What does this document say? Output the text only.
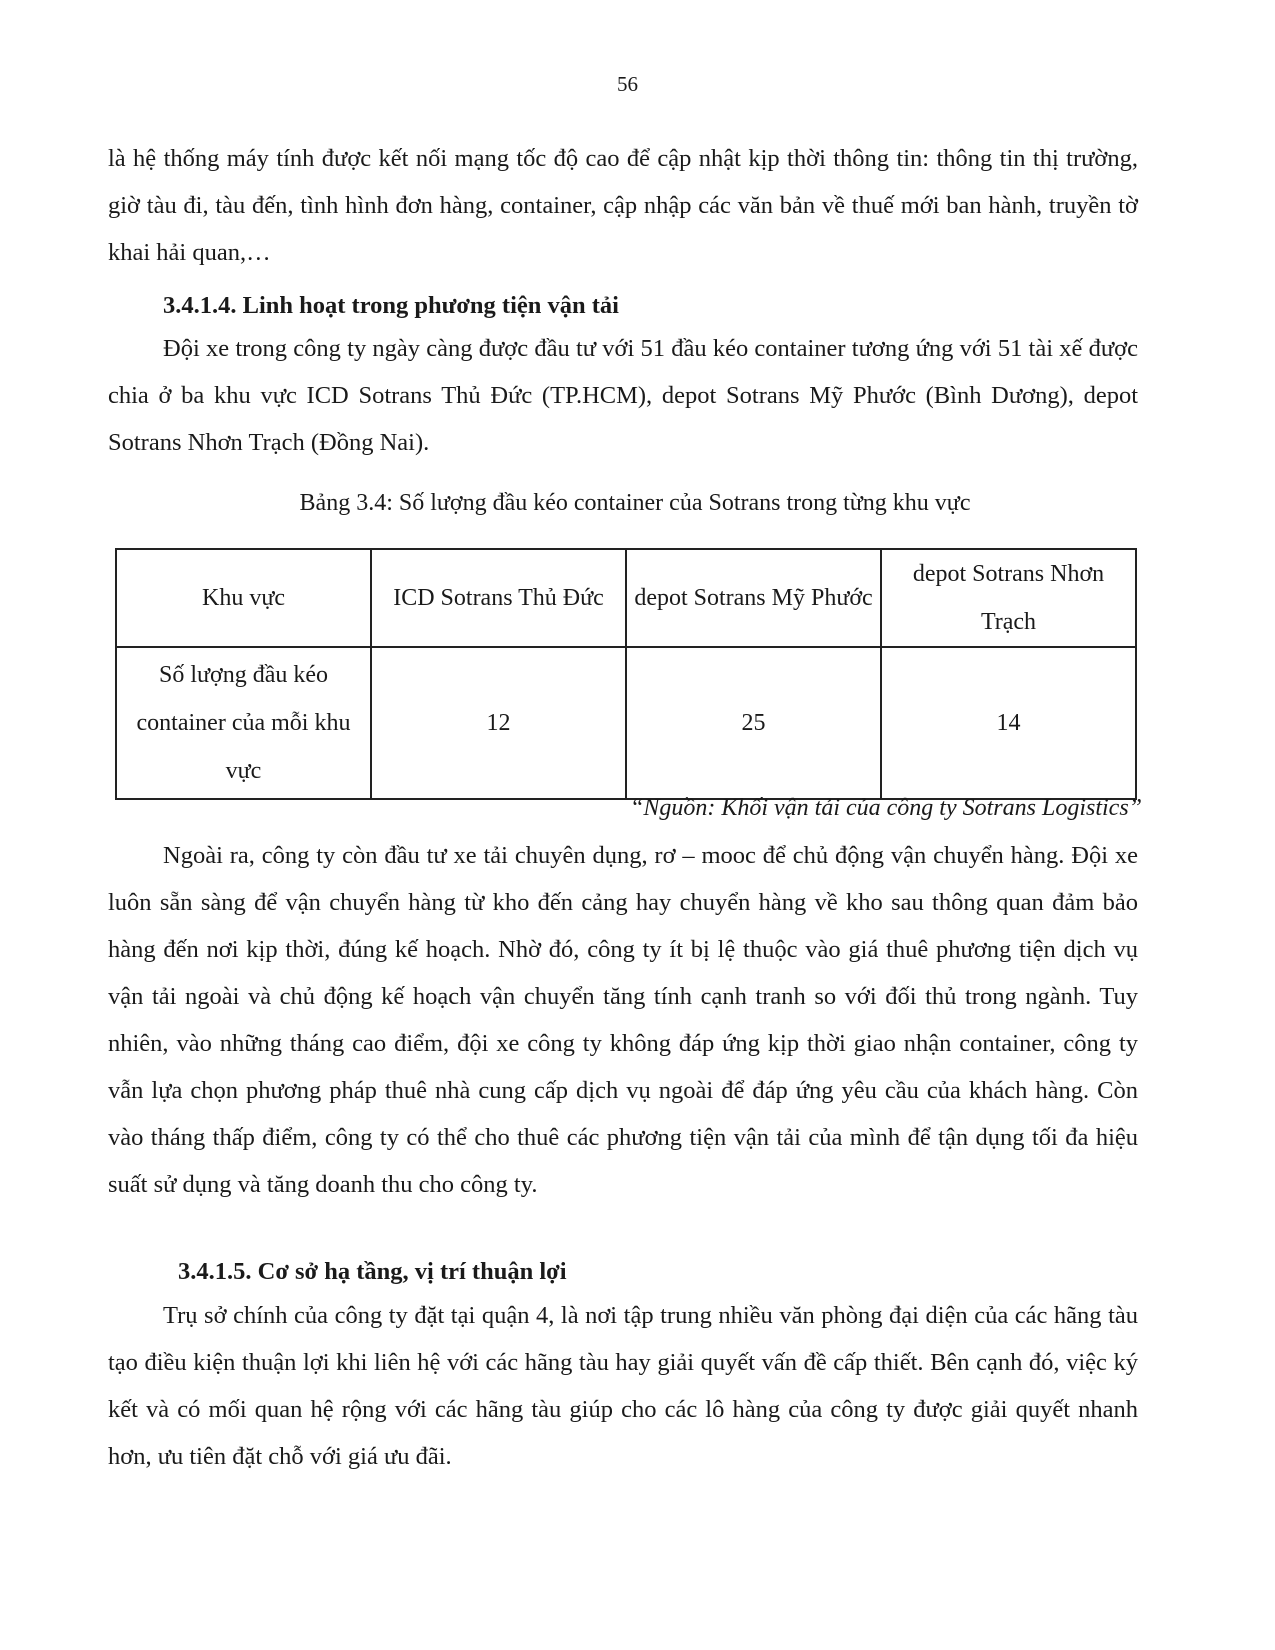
56

là hệ thống máy tính được kết nối mạng tốc độ cao để cập nhật kịp thời thông tin: thông tin thị trường, giờ tàu đi, tàu đến, tình hình đơn hàng, container, cập nhập các văn bản về thuế mới ban hành, truyền tờ khai hải quan,…

3.4.1.4. Linh hoạt trong phương tiện vận tải

Đội xe trong công ty ngày càng được đầu tư với 51 đầu kéo container tương ứng với 51 tài xế được chia ở ba khu vực ICD Sotrans Thủ Đức (TP.HCM), depot Sotrans Mỹ Phước (Bình Dương), depot Sotrans Nhơn Trạch (Đồng Nai).

Bảng 3.4: Số lượng đầu kéo container của Sotrans trong từng khu vực
Khu vực	ICD Sotrans Thủ Đức	depot Sotrans Mỹ Phước	depot Sotrans Nhơn Trạch
Số lượng đầu kéo container của mỗi khu vực	12	25	14
“Nguồn: Khối vận tải của công ty Sotrans Logistics”

Ngoài ra, công ty còn đầu tư xe tải chuyên dụng, rơ – mooc để chủ động vận chuyển hàng. Đội xe luôn sẵn sàng để vận chuyển hàng từ kho đến cảng hay chuyển hàng về kho sau thông quan đảm bảo hàng đến nơi kịp thời, đúng kế hoạch. Nhờ đó, công ty ít bị lệ thuộc vào giá thuê phương tiện dịch vụ vận tải ngoài và chủ động kế hoạch vận chuyển tăng tính cạnh tranh so với đối thủ trong ngành. Tuy nhiên, vào những tháng cao điểm, đội xe công ty không đáp ứng kịp thời giao nhận container, công ty vẫn lựa chọn phương pháp thuê nhà cung cấp dịch vụ ngoài để đáp ứng yêu cầu của khách hàng. Còn vào tháng thấp điểm, công ty có thể cho thuê các phương tiện vận tải của mình để tận dụng tối đa hiệu suất sử dụng và tăng doanh thu cho công ty.

3.4.1.5. Cơ sở hạ tầng, vị trí thuận lợi

Trụ sở chính của công ty đặt tại quận 4, là nơi tập trung nhiều văn phòng đại diện của các hãng tàu tạo điều kiện thuận lợi khi liên hệ với các hãng tàu hay giải quyết vấn đề cấp thiết. Bên cạnh đó, việc ký kết và có mối quan hệ rộng với các hãng tàu giúp cho các lô hàng của công ty được giải quyết nhanh hơn, ưu tiên đặt chỗ với giá ưu đãi.
